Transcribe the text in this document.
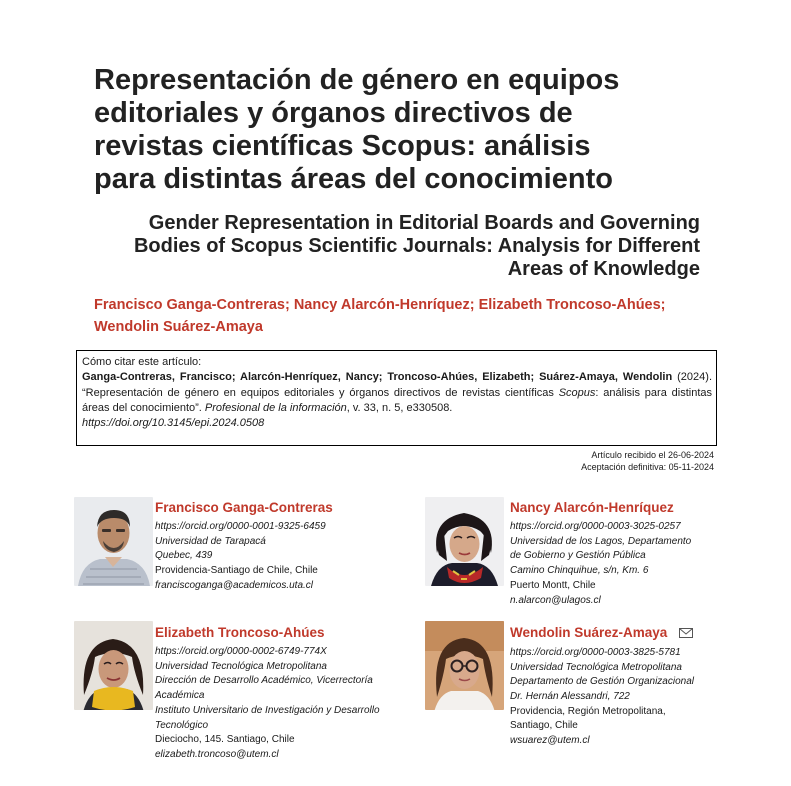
Representación de género en equipos
editoriales y órganos directivos de
revistas científicas Scopus: análisis
para distintas áreas del conocimiento
Gender Representation in Editorial Boards and Governing
Bodies of Scopus Scientific Journals: Analysis for Different
Areas of Knowledge
Francisco Ganga-Contreras; Nancy Alarcón-Henríquez; Elizabeth Troncoso-Ahúes;
Wendolin Suárez-Amaya

Cómo citar este artículo:

Ganga-Contreras, Francisco; Alarcón-Henríquez, Nancy; Troncoso-Ahúes, Elizabeth; Suárez-Amaya, Wendolin (2024). “Representación de género en equipos editoriales y órganos directivos de revistas científicas Scopus: análisis para distintas áreas del conocimiento”. Profesional de la información, v. 33, n. 5, e330508.

https://doi.org/10.3145/epi.2024.0508

Artículo recibido el 26-06-2024
Aceptación definitiva: 05-11-2024
Francisco Ganga-Contreras
https://orcid.org/0000-0001-9325-6459
Universidad de Tarapacá
Quebec, 439
Providencia-Santiago de Chile, Chile
franciscoganga@academicos.uta.cl
Nancy Alarcón-Henríquez
https://orcid.org/0000-0003-3025-0257
Universidad de los Lagos, Departamento
de Gobierno y Gestión Pública
Camino Chinquihue, s/n, Km. 6
Puerto Montt, Chile
n.alarcon@ulagos.cl
Elizabeth Troncoso-Ahúes
https://orcid.org/0000-0002-6749-774X
Universidad Tecnológica Metropolitana
Dirección de Desarrollo Académico, Vicerrectoría
Académica
Instituto Universitario de Investigación y Desarrollo
Tecnológico
Dieciocho, 145. Santiago, Chile
elizabeth.troncoso@utem.cl
Wendolin Suárez-Amaya
https://orcid.org/0000-0003-3825-5781
Universidad Tecnológica Metropolitana
Departamento de Gestión Organizacional
Dr. Hernán Alessandri, 722
Providencia, Región Metropolitana,
Santiago, Chile
wsuarez@utem.cl
